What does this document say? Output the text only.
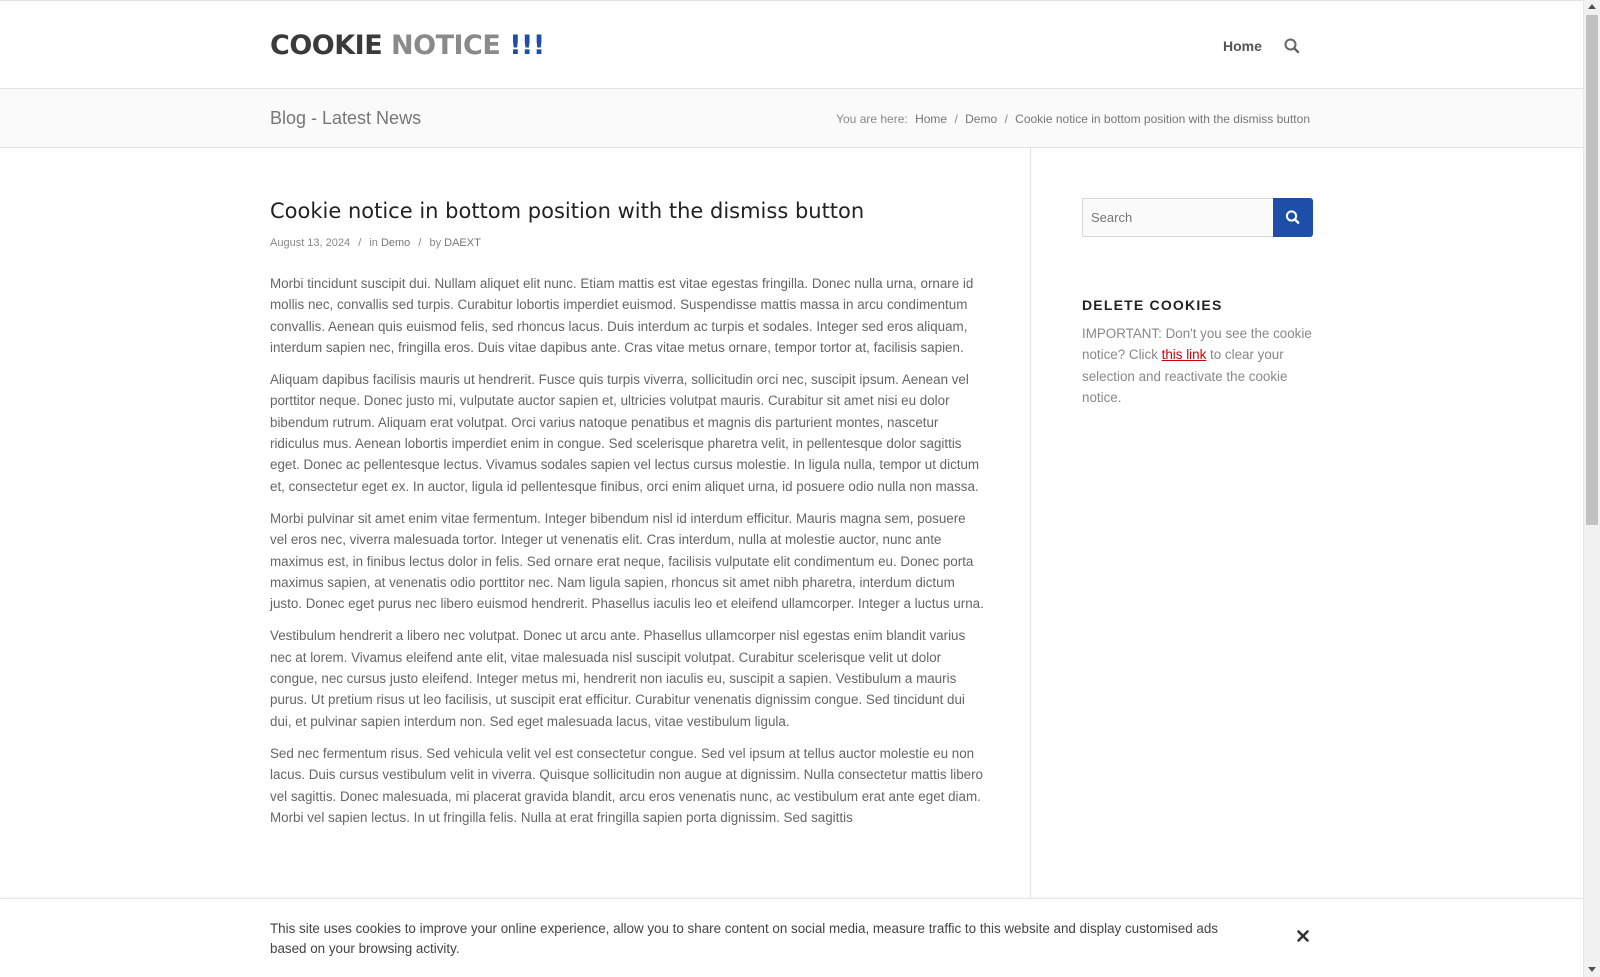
COOKIE NOTICE !!!	Home
Blog - Latest News	You are here: Home / Demo / Cookie notice in bottom position with the dismiss button
Cookie notice in bottom position with the dismiss button
August 13, 2024 / in Demo / by DAEXT

Morbi tincidunt suscipit dui. Nullam aliquet elit nunc. Etiam mattis est vitae egestas fringilla. Donec nulla urna, ornare id mollis nec, convallis sed turpis. Curabitur lobortis imperdiet euismod. Suspendisse mattis massa in arcu condimentum convallis. Aenean quis euismod felis, sed rhoncus lacus. Duis interdum ac turpis et sodales. Integer sed eros aliquam, interdum sapien nec, fringilla eros. Duis vitae dapibus ante. Cras vitae metus ornare, tempor tortor at, facilisis sapien.

Aliquam dapibus facilisis mauris ut hendrerit. Fusce quis turpis viverra, sollicitudin orci nec, suscipit ipsum. Aenean vel porttitor neque. Donec justo mi, vulputate auctor sapien et, ultricies volutpat mauris. Curabitur sit amet nisi eu dolor bibendum rutrum. Aliquam erat volutpat. Orci varius natoque penatibus et magnis dis parturient montes, nascetur ridiculus mus. Aenean lobortis imperdiet enim in congue. Sed scelerisque pharetra velit, in pellentesque dolor sagittis eget. Donec ac pellentesque lectus. Vivamus sodales sapien vel lectus cursus molestie. In ligula nulla, tempor ut dictum et, consectetur eget ex. In auctor, ligula id pellentesque finibus, orci enim aliquet urna, id posuere odio nulla non massa.

Morbi pulvinar sit amet enim vitae fermentum. Integer bibendum nisl id interdum efficitur. Mauris magna sem, posuere vel eros nec, viverra malesuada tortor. Integer ut venenatis elit. Cras interdum, nulla at molestie auctor, nunc ante maximus est, in finibus lectus dolor in felis. Sed ornare erat neque, facilisis vulputate elit condimentum eu. Donec porta maximus sapien, at venenatis odio porttitor nec. Nam ligula sapien, rhoncus sit amet nibh pharetra, interdum dictum justo. Donec eget purus nec libero euismod hendrerit. Phasellus iaculis leo et eleifend ullamcorper. Integer a luctus urna.

Vestibulum hendrerit a libero nec volutpat. Donec ut arcu ante. Phasellus ullamcorper nisl egestas enim blandit varius nec at lorem. Vivamus eleifend ante elit, vitae malesuada nisl suscipit volutpat. Curabitur scelerisque velit ut dolor congue, nec cursus justo eleifend. Integer metus mi, hendrerit non iaculis eu, suscipit a sapien. Vestibulum a mauris purus. Ut pretium risus ut leo facilisis, ut suscipit erat efficitur. Curabitur venenatis dignissim congue. Sed tincidunt dui dui, et pulvinar sapien interdum non. Sed eget malesuada lacus, vitae vestibulum ligula.

Sed nec fermentum risus. Sed vehicula velit vel est consectetur congue. Sed vel ipsum at tellus auctor molestie eu non lacus. Duis cursus vestibulum velit in viverra. Quisque sollicitudin non augue at dignissim. Nulla consectetur mattis libero vel sagittis. Donec malesuada, mi placerat gravida blandit, arcu eros venenatis nunc, ac vestibulum erat ante eget diam. Morbi vel sapien lectus. In ut fringilla felis. Nulla at erat fringilla sapien porta dignissim. Sed sagittis

Search
DELETE COOKIES
IMPORTANT: Don't you see the cookie notice? Click this link to clear your selection and reactivate the cookie notice.
This site uses cookies to improve your online experience, allow you to share content on social media, measure traffic to this website and display customised ads based on your browsing activity.
